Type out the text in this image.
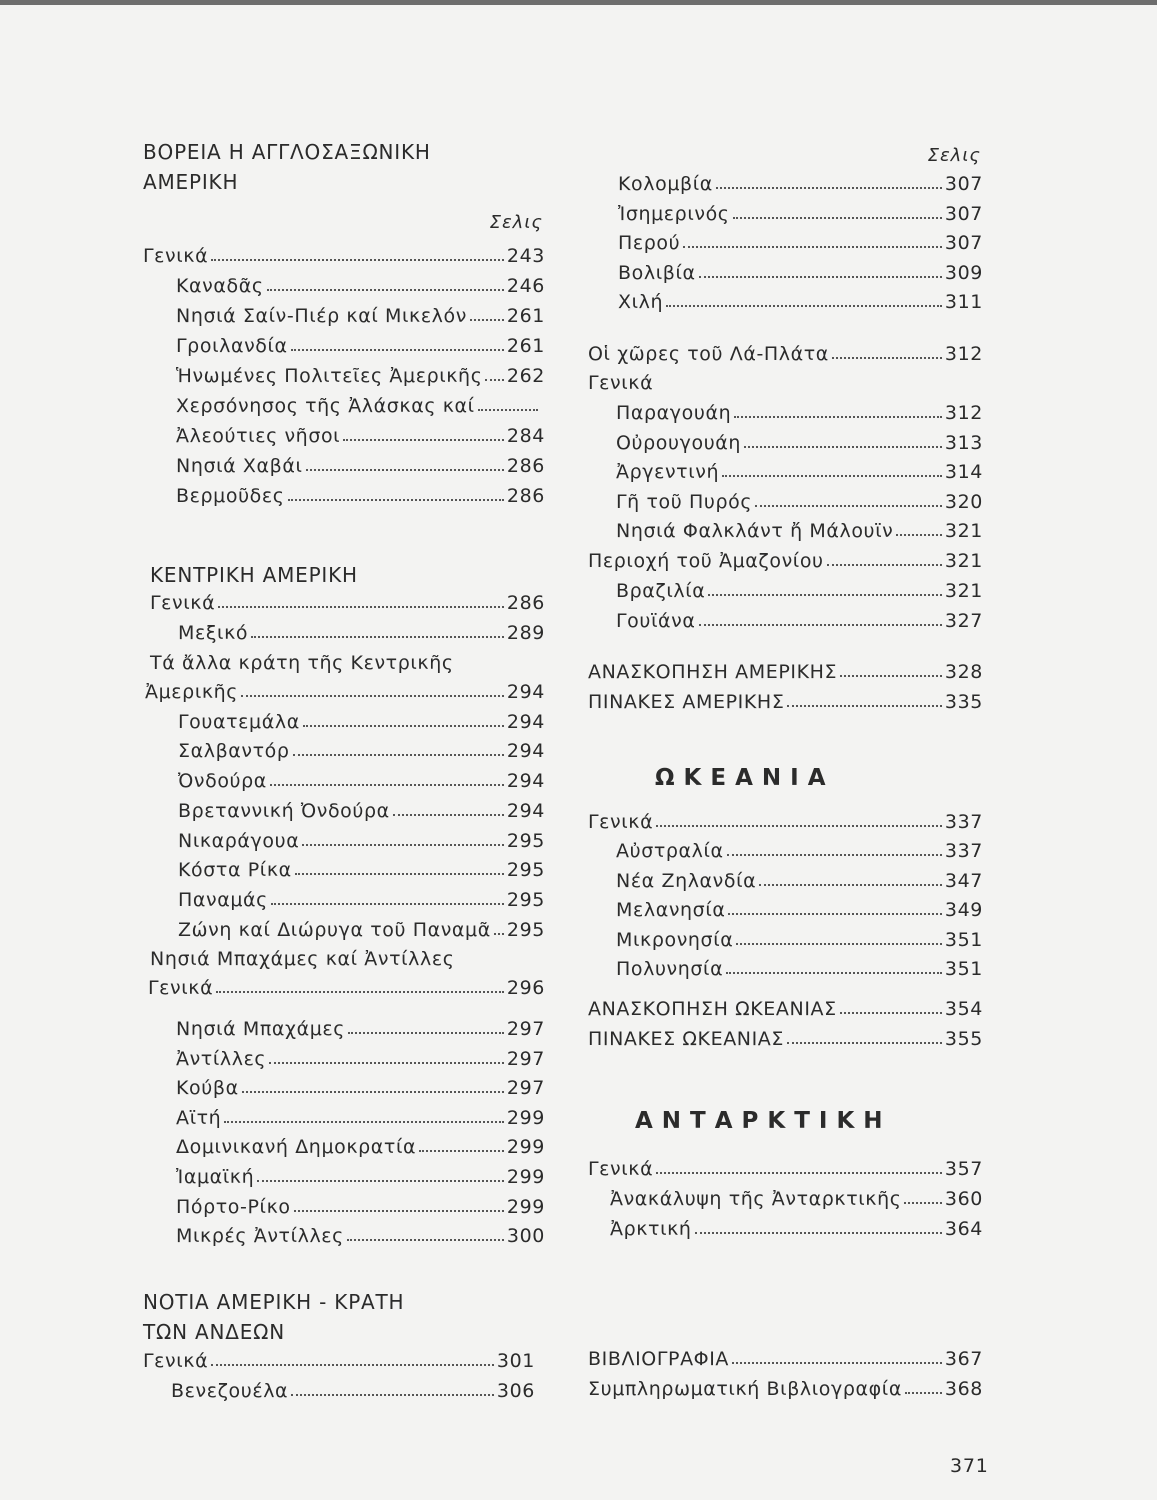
ΒΟΡΕΙΑ Η ΑΓΓΛΟΣΑΞΩΝΙΚΗ
ΑΜΕΡΙΚΗ
Σελις
Γενικά	243
Καναδᾶς	246
Νησιά Σαίν-Πιέρ καί Μικελόν 261
Γροιλανδία	261
Ἡνωμένες Πολιτεῖες Ἀμερικῆς 262
Χερσόνησος τῆς Ἀλάσκας καί
Ἀλεούτιες νῆσοι	284
Νησιά Χαβάι	286
Βερμοῦδες	286
ΚΕΝΤΡΙΚΗ ΑΜΕΡΙΚΗ
Γενικά	286
Μεξικό	289
Τά ἄλλα κράτη τῆς Κεντρικῆς
Ἀμερικῆς	294
Γουατεμάλα	294
Σαλβαντόρ	294
Ὀνδούρα	294
Βρεταννική Ὀνδούρα	294
Νικαράγουα	295
Κόστα Ρίκα	295
Παναμάς	295
Ζώνη καί Διώρυγα τοῦ Παναμᾶ 295
Νησιά Μπαχάμες καί Ἀντίλλες
Γενικά	296
Νησιά Μπαχάμες	297
Ἀντίλλες	297
Κούβα	297
Αϊτή	299
Δομινικανή Δημοκρατία	299
Ἰαμαϊκή	299
Πόρτο-Ρίκο	299
Μικρές Ἀντίλλες	300
ΝΟΤΙΑ ΑΜΕΡΙΚΗ - ΚΡΑΤΗ
ΤΩΝ ΑΝΔΕΩΝ
Γενικά	301
Βενεζουέλα	306
Σελις
Κολομβία	307
Ἰσημερινός	307
Περού	307
Βολιβία	309
Χιλή	311
Οἱ χῶρες τοῦ Λά-Πλάτα	312
Γενικά
Παραγουάη	312
Οὐρουγουάη	313
Ἀργεντινή	314
Γῆ τοῦ Πυρός	320
Νησιά Φαλκλάντ ἤ Μάλουϊν	321
Περιοχή τοῦ Ἀμαζονίου	321
Βραζιλία	321
Γουϊάνα	327
ΑΝΑΣΚΟΠΗΣΗ ΑΜΕΡΙΚΗΣ	328
ΠΙΝΑΚΕΣ ΑΜΕΡΙΚΗΣ	335
ΩΚΕΑΝΙΑ
Γενικά	337
Αὐστραλία	337
Νέα Ζηλανδία	347
Μελανησία	349
Μικρονησία	351
Πολυνησία	351
ΑΝΑΣΚΟΠΗΣΗ ΩΚΕΑΝΙΑΣ	354
ΠΙΝΑΚΕΣ ΩΚΕΑΝΙΑΣ	355
ΑΝΤΑΡΚΤΙΚΗ
Γενικά	357
Ἀνακάλυψη τῆς Ἀνταρκτικῆς 360
Ἀρκτική	364
ΒΙΒΛΙΟΓΡΑΦΙΑ	367
Συμπληρωματική Βιβλιογραφία 368
371
